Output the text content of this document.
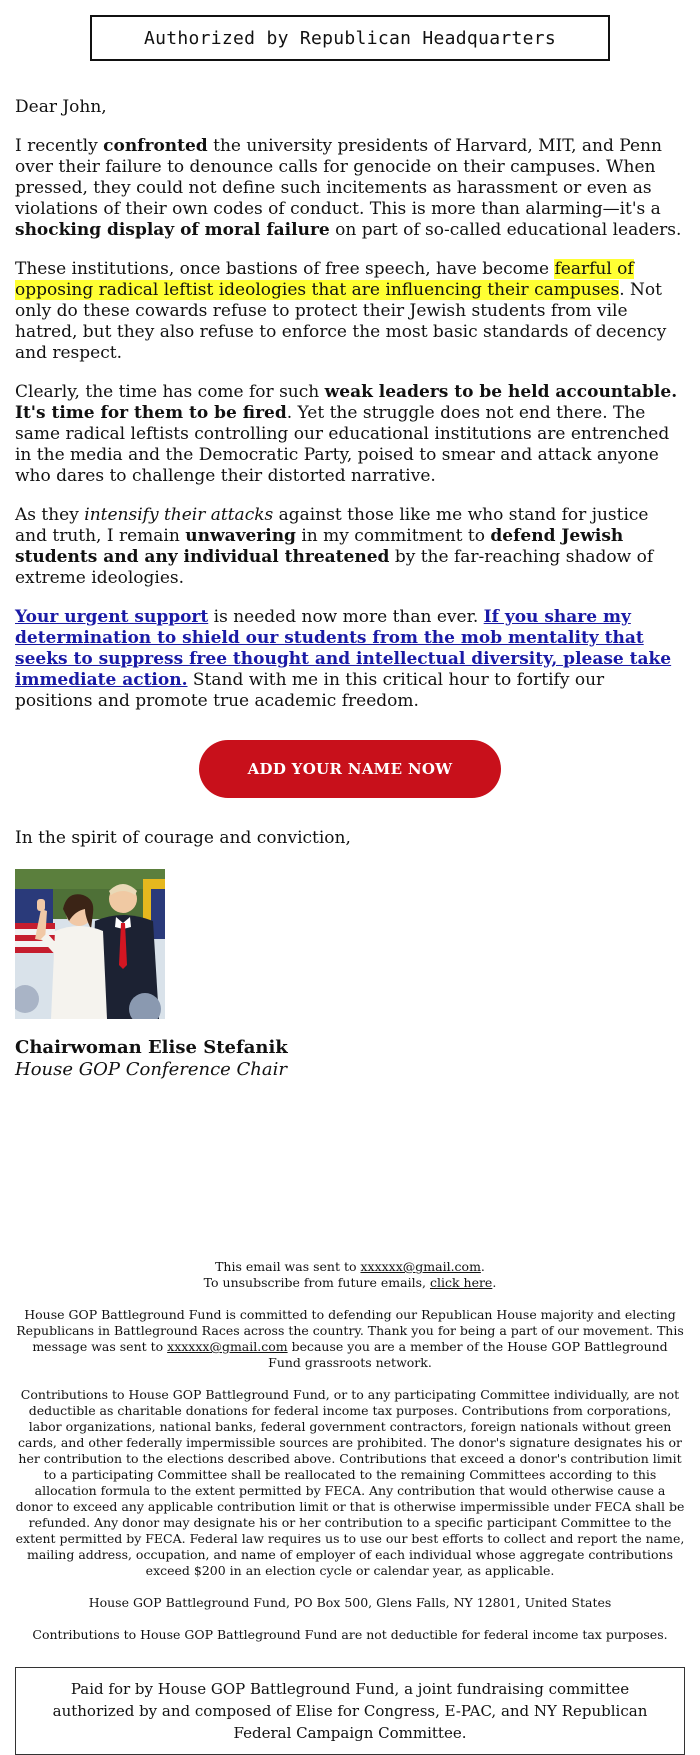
Authorized by Republican Headquarters
Dear John,

I recently confronted the university presidents of Harvard, MIT, and Penn over their failure to denounce calls for genocide on their campuses. When pressed, they could not define such incitements as harassment or even as violations of their own codes of conduct. This is more than alarming—it's a shocking display of moral failure on part of so-called educational leaders.

These institutions, once bastions of free speech, have become fearful of opposing radical leftist ideologies that are influencing their campuses. Not only do these cowards refuse to protect their Jewish students from vile hatred, but they also refuse to enforce the most basic standards of decency and respect.

Clearly, the time has come for such weak leaders to be held accountable. It's time for them to be fired. Yet the struggle does not end there. The same radical leftists controlling our educational institutions are entrenched in the media and the Democratic Party, poised to smear and attack anyone who dares to challenge their distorted narrative.

As they intensify their attacks against those like me who stand for justice and truth, I remain unwavering in my commitment to defend Jewish students and any individual threatened by the far-reaching shadow of extreme ideologies.

Your urgent support is needed now more than ever. If you share my determination to shield our students from the mob mentality that seeks to suppress free thought and intellectual diversity, please take immediate action. Stand with me in this critical hour to fortify our positions and promote true academic freedom.

ADD YOUR NAME NOW
In the spirit of courage and conviction,
Chairwoman Elise Stefanik
House GOP Conference Chair

This email was sent to xxxxxx@gmail.com.

To unsubscribe from future emails, click here.

House GOP Battleground Fund is committed to defending our Republican House majority and electing Republicans in Battleground Races across the country. Thank you for being a part of our movement. This message was sent to xxxxxx@gmail.com because you are a member of the House GOP Battleground Fund grassroots network.

Contributions to House GOP Battleground Fund, or to any participating Committee individually, are not deductible as charitable donations for federal income tax purposes. Contributions from corporations, labor organizations, national banks, federal government contractors, foreign nationals without green cards, and other federally impermissible sources are prohibited. The donor's signature designates his or her contribution to the elections described above. Contributions that exceed a donor's contribution limit to a participating Committee shall be reallocated to the remaining Committees according to this allocation formula to the extent permitted by FECA. Any contribution that would otherwise cause a donor to exceed any applicable contribution limit or that is otherwise impermissible under FECA shall be refunded. Any donor may designate his or her contribution to a specific participant Committee to the extent permitted by FECA. Federal law requires us to use our best efforts to collect and report the name, mailing address, occupation, and name of employer of each individual whose aggregate contributions exceed $200 in an election cycle or calendar year, as applicable.

House GOP Battleground Fund, PO Box 500, Glens Falls, NY 12801, United States

Contributions to House GOP Battleground Fund are not deductible for federal income tax purposes.

Paid for by House GOP Battleground Fund, a joint fundraising committee authorized by and composed of Elise for Congress, E-PAC, and NY Republican Federal Campaign Committee.
